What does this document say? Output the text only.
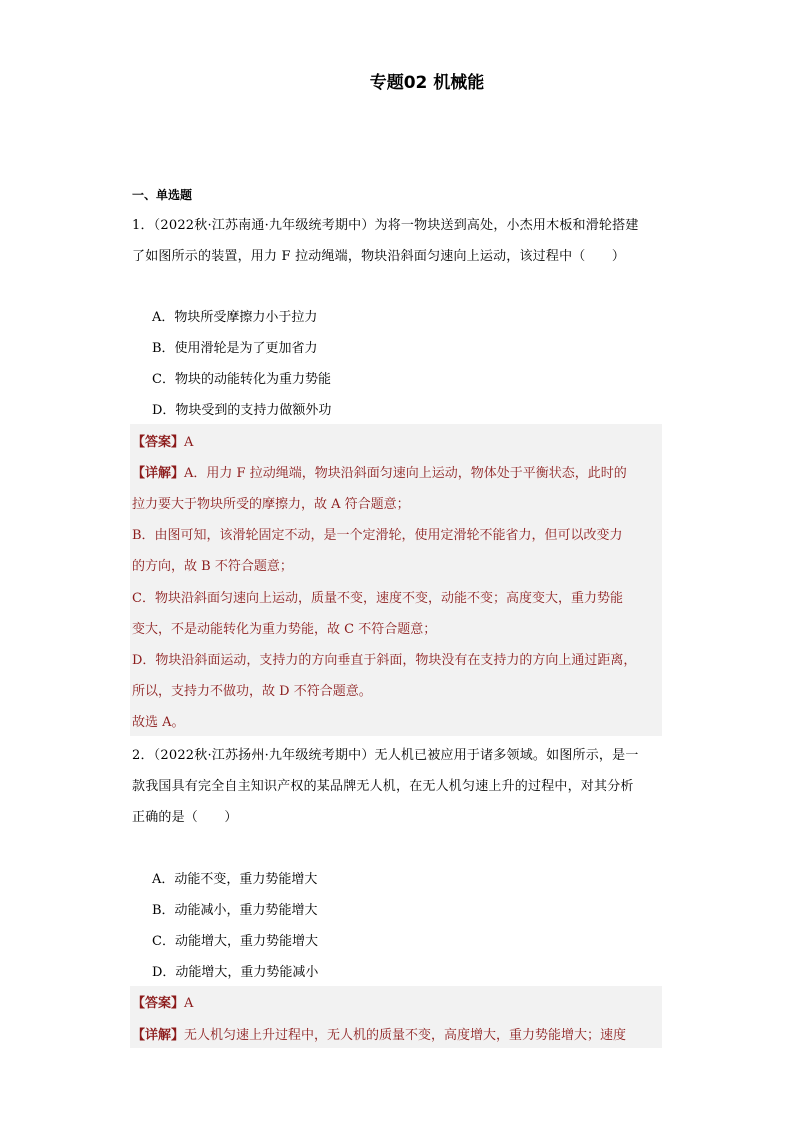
专题02 机械能
一、单选题
1．（2022秋·江苏南通·九年级统考期中）为将一物块送到高处，小杰用木板和滑轮搭建
了如图所示的装置，用力 F 拉动绳端，物块沿斜面匀速向上运动，该过程中（　　）
A．物块所受摩擦力小于拉力
B．使用滑轮是为了更加省力
C．物块的动能转化为重力势能
D．物块受到的支持力做额外功
【答案】A
【详解】A．用力 F 拉动绳端，物块沿斜面匀速向上运动，物体处于平衡状态，此时的
拉力要大于物块所受的摩擦力，故 A 符合题意；
B．由图可知，该滑轮固定不动，是一个定滑轮，使用定滑轮不能省力，但可以改变力
的方向，故 B 不符合题意；
C．物块沿斜面匀速向上运动，质量不变，速度不变，动能不变；高度变大，重力势能
变大，不是动能转化为重力势能，故 C 不符合题意；
D．物块沿斜面运动，支持力的方向垂直于斜面，物块没有在支持力的方向上通过距离，
所以，支持力不做功，故 D 不符合题意。
故选 A。
2．（2022秋·江苏扬州·九年级统考期中）无人机已被应用于诸多领域。如图所示，是一
款我国具有完全自主知识产权的某品牌无人机，在无人机匀速上升的过程中，对其分析
正确的是（　　）
A．动能不变，重力势能增大
B．动能减小，重力势能增大
C．动能增大，重力势能增大
D．动能增大，重力势能减小
【答案】A
【详解】无人机匀速上升过程中，无人机的质量不变，高度增大，重力势能增大；速度
